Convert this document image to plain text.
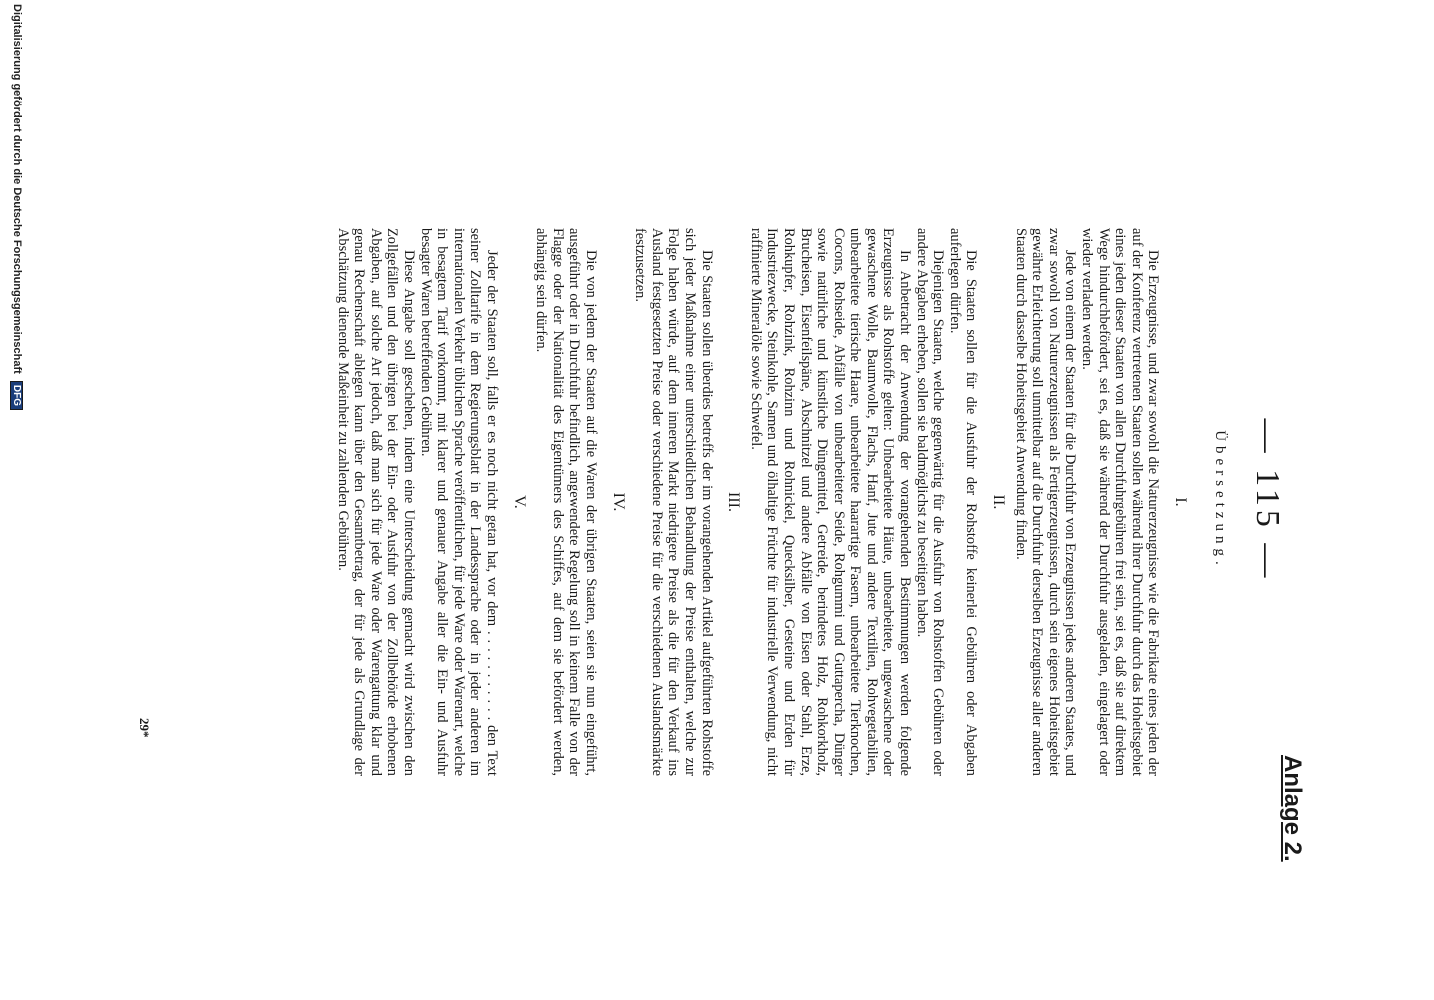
— 115 —
Anlage 2.
Übersetzung.
I.

Die Erzeugnisse, und zwar sowohl die Naturerzeugnisse wie die Fabrikate eines jeden der auf der Konferenz vertretenen Staaten sollen während ihrer Durchfuhr durch das Hoheitsgebiet eines jeden dieser Staaten von allen Durchfuhrgebühren frei sein, sei es, daß sie auf direktem Wege hindurchbefördert, sei es, daß sie während der Durchfuhr ausgeladen, eingelagert oder wieder verladen werden.

Jede von einem der Staaten für die Durchfuhr von Erzeugnissen jedes anderen Staates, und zwar sowohl von Naturerzeugnissen als Fertigerzeugnissen, durch sein eigenes Hoheitsgebiet gewährte Erleichterung soll unmittelbar auf die Durchfuhr derselben Erzeugnisse aller anderen Staaten durch dasselbe Hoheitsgebiet Anwendung finden.

II.

Die Staaten sollen für die Ausfuhr der Rohstoffe keinerlei Gebühren oder Abgaben auferlegen dürfen.

Diejenigen Staaten, welche gegenwärtig für die Ausfuhr von Rohstoffen Gebühren oder andere Abgaben erheben, sollen sie baldmöglichst zu beseitigen haben.

In Anbetracht der Anwendung der vorangehenden Bestimmungen werden folgende Erzeugnisse als Rohstoffe gelten: Unbearbeitete Häute, unbearbeitete, ungewaschene oder gewaschene Wolle, Baumwolle, Flachs, Hanf, Jute und andere Textilien, Rohvegetabilien, unbearbeitete tierische Haare, unbearbeitete haarartige Fasern, unbearbeitete Tierknochen, Cocons, Rohseide, Abfälle von unbearbeiteter Seide, Rohgummi und Guttapercha, Dünger sowie natürliche und künstliche Düngemittel, Getreide, berindetes Holz, Rohkorkholz, Brucheisen, Eisenfeilspäne, Abschnitzel und andere Abfälle von Eisen oder Stahl, Erze, Rohkupfer, Rohzink, Rohzinn und Rohnickel, Quecksilber, Gesteine und Erden für Industriezwecke, Steinkohle, Samen und ölhaltige Früchte für industrielle Verwendung, nicht raffinierte Mineralöle sowie Schwefel.

III.

Die Staaten sollen überdies betreffs der im vorangehenden Artikel aufgeführten Rohstoffe sich jeder Maßnahme einer unterschiedlichen Behandlung der Preise enthalten, welche zur Folge haben würde, auf dem inneren Markt niedrigere Preise als die für den Verkauf ins Ausland festgesetzten Preise oder verschiedene Preise für die verschiedenen Auslandsmärkte festzusetzen.

IV.

Die von jedem der Staaten auf die Waren der übrigen Staaten, seien sie nun eingeführt, ausgeführt oder in Durchfuhr befindlich, angewendete Regelung soll in keinem Falle von der Flagge oder der Nationalität des Eigentümers des Schiffes, auf dem sie befördert werden, abhängig sein dürfen.

V.

Jeder der Staaten soll, falls er es noch nicht getan hat, vor dem . . . . . . . . . . . den Text seiner Zolltarife in dem Regierungsblatt in der Landessprache oder in jeder anderen im internationalen Verkehr üblichen Sprache veröffentlichen, für jede Ware oder Warenart, welche in besagtem Tarif vorkommt, mit klarer und genauer Angabe aller die Ein- und Ausfuhr besagter Waren betreffenden Gebühren.

Diese Angabe soll geschehen, indem eine Unterscheidung gemacht wird zwischen den Zollgefällen und den übrigen bei der Ein- oder Ausfuhr von der Zollbehörde erhobenen Abgaben, auf solche Art jedoch, daß man sich für jede Ware oder Warengattung klar und genau Rechenschaft ablegen kann über den Gesamtbetrag, der für jede als Grundlage der Abschätzung dienende Maßeinheit zu zahlenden Gebühren.

29*
Digitalisierung gefördert durch die Deutsche Forschungsgemeinschaft DFG
